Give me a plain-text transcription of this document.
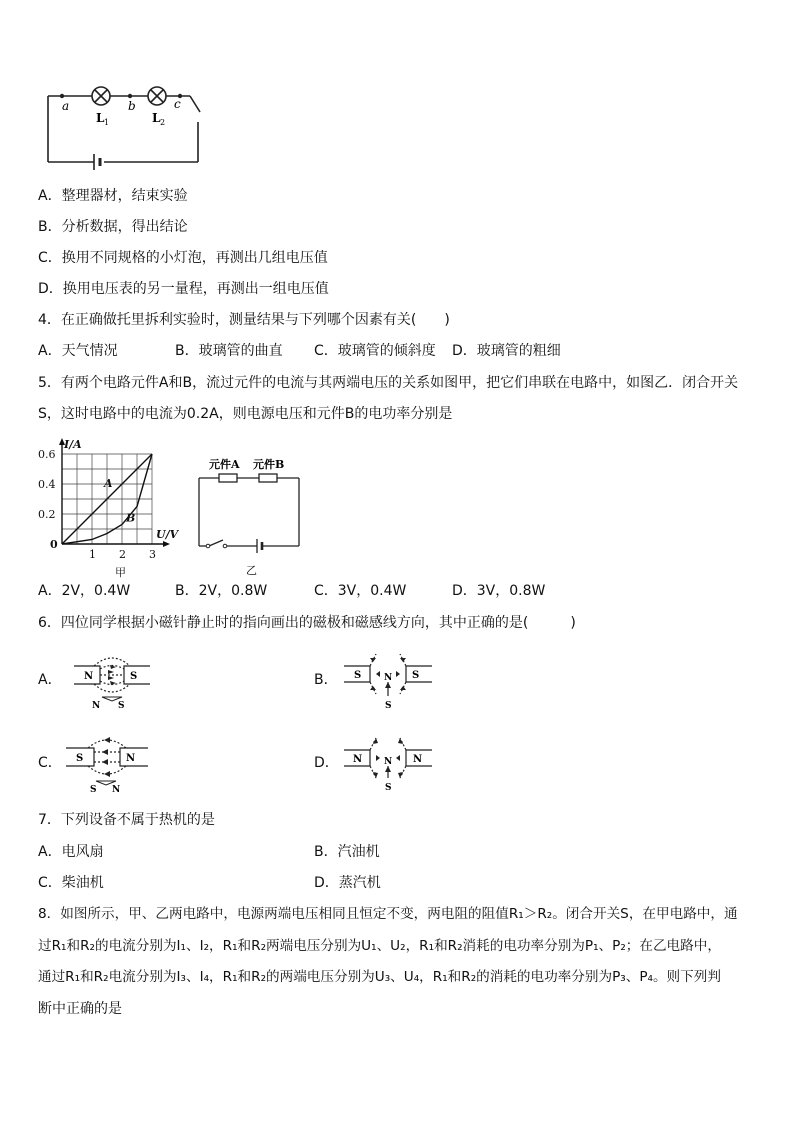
a	b	c
L 1	L 2
A．整理器材，结束实验
B．分析数据，得出结论
C．换用不同规格的小灯泡，再测出几组电压值
D．换用电压表的另一量程，再测出一组电压值
4．在正确做托里拆利实验时，测量结果与下列哪个因素有关(　　)
A．天气情况	B．玻璃管的曲直 C．玻璃管的倾斜度 D．玻璃管的粗细
5．有两个电路元件A和B，流过元件的电流与其两端电压的关系如图甲，把它们串联在电路中，如图乙．闭合开关
S，这时电路中的电流为0.2A，则电源电压和元件B的电功率分别是
1 2 3
0.2
0.4
0.6
0
U/V
I/A
A
B
甲
元件A 元件B
乙
A．2V，0.4W	B．2V，0.8W	C．3V，0.4W	D．3V，0.8W
6．四位同学根据小磁针静止时的指向画出的磁极和磁感线方向，其中正确的是(　　　)
A．	B．
C．	D．
N	S
N S
S	S
N
S
S	N
S N
N	N
N
S
7．下列设备不属于热机的是
A．电风扇	B．汽油机
C．柴油机	D．蒸汽机
8．如图所示，甲、乙两电路中，电源两端电压相同且恒定不变，两电阻的阻值R₁＞R₂。闭合开关S，在甲电路中，通
过R₁和R₂的电流分别为I₁、I₂，R₁和R₂两端电压分别为U₁、U₂，R₁和R₂消耗的电功率分别为P₁、P₂；在乙电路中，
通过R₁和R₂电流分别为I₃、I₄，R₁和R₂的两端电压分别为U₃、U₄，R₁和R₂的消耗的电功率分别为P₃、P₄。则下列判
断中正确的是
